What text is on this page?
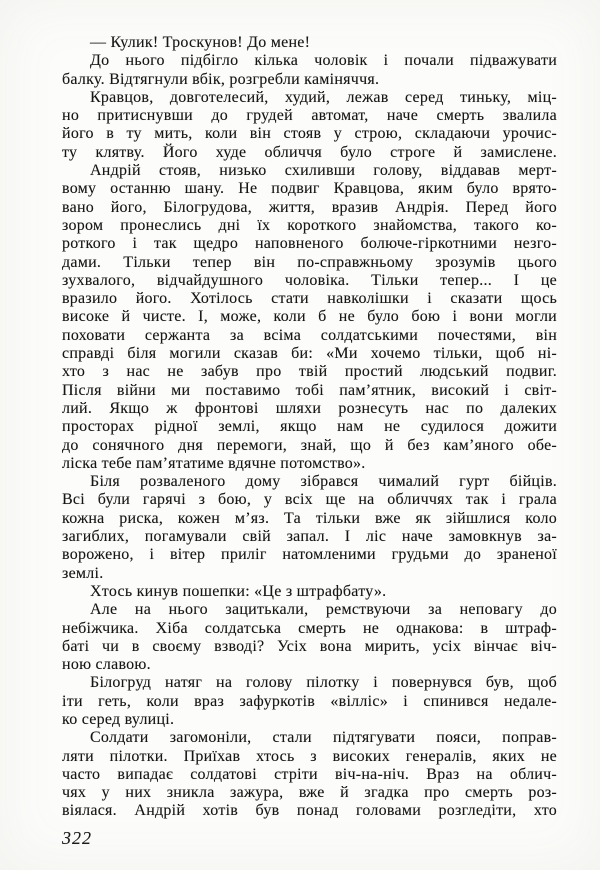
— Кулик! Троскунов! До мене!
До нього підбігло кілька чоловік і почали підважувати
балку. Відтягнули вбік, розгребли каміняччя.
Кравцов, довготелесий, худий, лежав серед тиньку, міц-
но притиснувши до грудей автомат, наче смерть звалила
його в ту мить, коли він стояв у строю, складаючи урочис-
ту клятву. Його худе обличчя було строге й замислене.
Андрій стояв, низько схиливши голову, віддавав мерт-
вому останню шану. Не подвиг Кравцова, яким було врято-
вано його, Білогрудова, життя, вразив Андрія. Перед його
зором пронеслись дні їх короткого знайомства, такого ко-
роткого і так щедро наповненого болюче-гіркотними незго-
дами. Тільки тепер він по-справжньому зрозумів цього
зухвалого, відчайдушного чоловіка. Тільки тепер... І це
вразило його. Хотілось стати навколішки і сказати щось
високе й чисте. І, може, коли б не було бою і вони могли
поховати сержанта за всіма солдатськими почестями, він
справді біля могили сказав би: «Ми хочемо тільки, щоб ні-
хто з нас не забув про твій простий людський подвиг.
Після війни ми поставимо тобі пам’ятник, високий і світ-
лий. Якщо ж фронтові шляхи рознесуть нас по далеких
просторах рідної землі, якщо нам не судилося дожити
до сонячного дня перемоги, знай, що й без кам’яного обе-
ліска тебе пам’ятатиме вдячне потомство».
Біля розваленого дому зібрався чималий гурт бійців.
Всі були гарячі з бою, у всіх ще на обличчях так і грала
кожна риска, кожен м’яз. Та тільки вже як зійшлися коло
загиблих, погамували свій запал. І ліс наче замовкнув за-
ворожено, і вітер приліг натомленими грудьми до зраненої
землі.
Хтось кинув пошепки: «Це з штрафбату».
Але на нього зацитькали, ремствуючи за неповагу до
небіжчика. Хіба солдатська смерть не однакова: в штраф-
баті чи в своєму взводі? Усіх вона мирить, усіх вінчає віч-
ною славою.
Білогруд натяг на голову пілотку і повернувся був, щоб
іти геть, коли враз зафуркотів «вілліс» і спинився недале-
ко серед вулиці.
Солдати загомоніли, стали підтягувати пояси, поправ-
ляти пілотки. Приїхав хтось з високих генералів, яких не
часто випадає солдатові стріти віч-на-ніч. Враз на облич-
чях у них зникла зажура, вже й згадка про смерть роз-
віялася. Андрій хотів був понад головами розгледіти, хто
322
